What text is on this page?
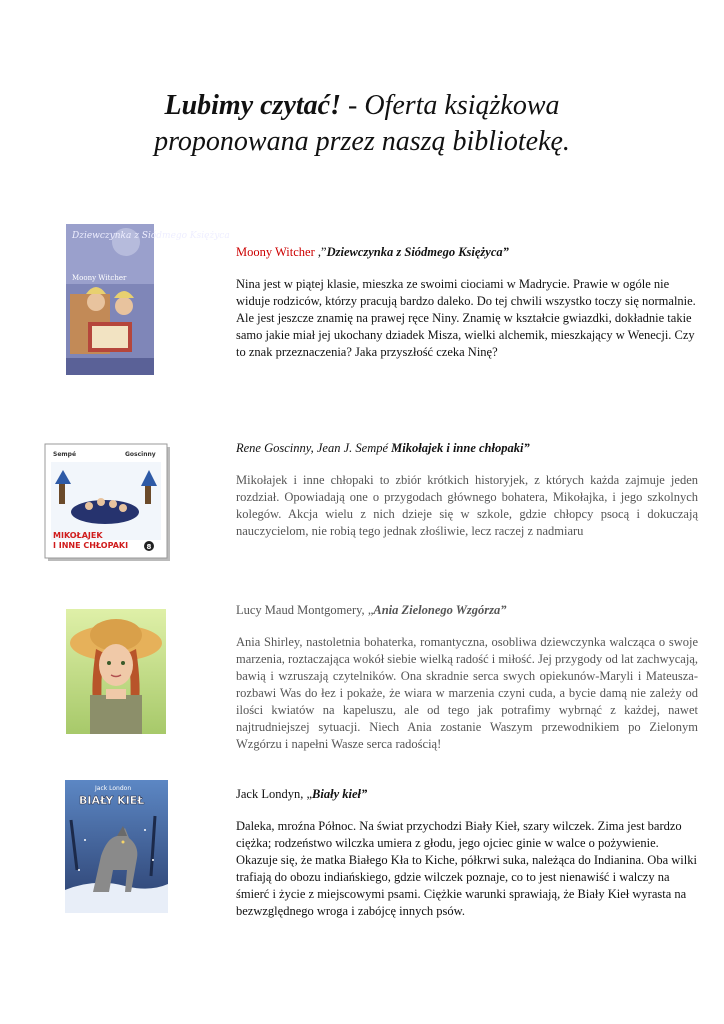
Lubimy czytać! - Oferta książkowa
proponowana przez naszą bibliotekę.
Dziewczynka z Siódmego Księżyca
Moony Witcher

Moony Witcher ,”Dziewczynka z Siódmego Księżyca”

Nina jest w piątej klasie, mieszka ze swoimi ciociami w Madrycie. Prawie w ogóle nie widuje rodziców, którzy pracują bardzo daleko. Do tej chwili wszystko toczy się normalnie. Ale jest jeszcze znamię na prawej ręce Niny. Znamię w kształcie gwiazdki, dokładnie takie samo jakie miał jej ukochany dziadek Misza, wielki alchemik, mieszkający w Wenecji. Czy to znak przeznaczenia? Jaka przyszłość czeka Ninę?

Sempé	Goscinny
MIKOŁAJEK
I INNE CHŁOPAKI	8

Rene Goscinny, Jean J. Sempé Mikołajek i inne chłopaki”

Mikołajek i inne chłopaki to zbiór krótkich historyjek, z których każda zajmuje jeden rozdział. Opowiadają one o przygodach głównego bohatera, Mikołajka, i jego szkolnych kolegów. Akcja wielu z nich dzieje się w szkole, gdzie chłopcy psocą i dokuczają nauczycielom, nie robią tego jednak złośliwie, lecz raczej z nadmiaru

Lucy Maud Montgomery, „Ania Zielonego Wzgórza”

Ania Shirley, nastoletnia bohaterka, romantyczna, osobliwa dziewczynka walcząca o swoje marzenia, roztaczająca wokół siebie wielką radość i miłość. Jej przygody od lat zachwycają, bawią i wzruszają czytelników. Ona skradnie serca swych opiekunów-Maryli i Mateusza- rozbawi Was do łez i pokaże, że wiara w marzenia czyni cuda, a bycie damą nie zależy od ilości kwiatów na kapeluszu, ale od tego jak potrafimy wybrnąć z każdej, nawet najtrudniejszej sytuacji. Niech Ania zostanie Waszym przewodnikiem po Zielonym Wzgórzu i napełni Wasze serca radością!

Jack London
BIAŁY KIEŁ	Jack Londyn, „Biały kieł”

Daleka, mroźna Północ. Na świat przychodzi Biały Kieł, szary wilczek. Zima jest bardzo ciężka; rodzeństwo wilczka umiera z głodu, jego ojciec ginie w walce o pożywienie. Okazuje się, że matka Białego Kła to Kiche, półkrwi suka, należąca do Indianina. Oba wilki trafiają do obozu indiańskiego, gdzie wilczek poznaje, co to jest nienawiść i walczy na śmierć i życie z miejscowymi psami. Ciężkie warunki sprawiają, że Biały Kieł wyrasta na bezwzględnego wroga i zabójcę innych psów.
